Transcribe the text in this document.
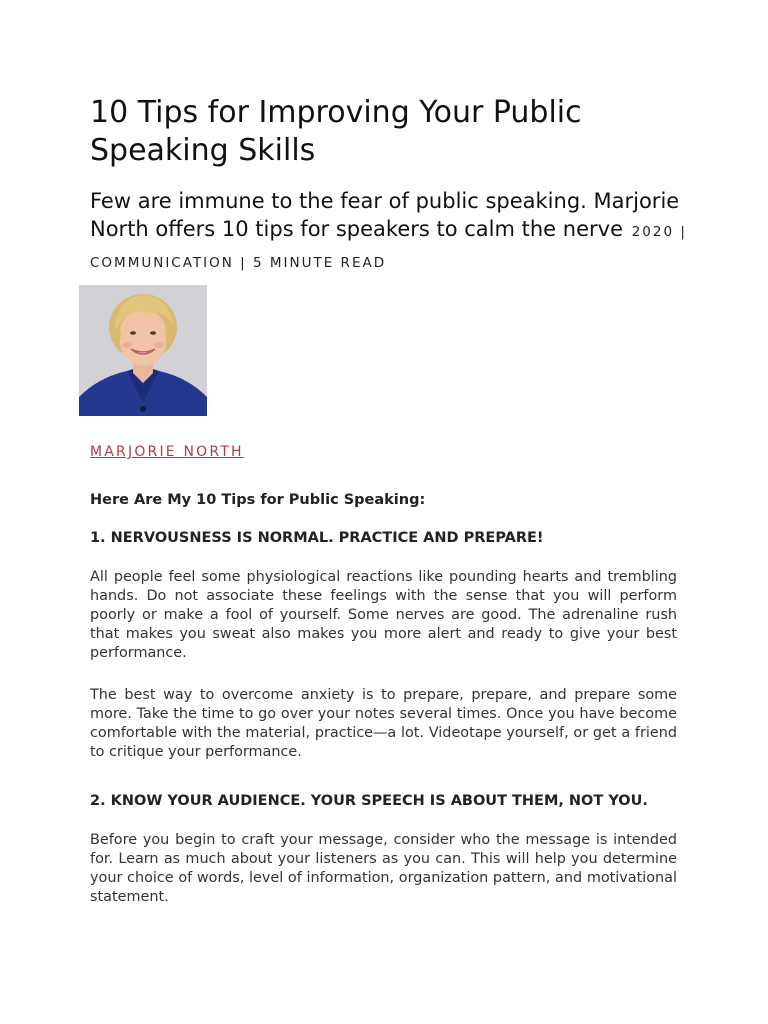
10 Tips for Improving Your Public Speaking Skills

Few are immune to the fear of public speaking. Marjorie North offers 10 tips for speakers to calm the nerve 2020 | COMMUNICATION | 5 MINUTE READ

MARJORIE NORTH
Here Are My 10 Tips for Public Speaking:
1. NERVOUSNESS IS NORMAL. PRACTICE AND PREPARE!

All people feel some physiological reactions like pounding hearts and trembling hands. Do not associate these feelings with the sense that you will perform poorly or make a fool of yourself. Some nerves are good. The adrenaline rush that makes you sweat also makes you more alert and ready to give your best performance.

The best way to overcome anxiety is to prepare, prepare, and prepare some more. Take the time to go over your notes several times. Once you have become comfortable with the material, practice—a lot. Videotape yourself, or get a friend to critique your performance.

2. KNOW YOUR AUDIENCE. YOUR SPEECH IS ABOUT THEM, NOT YOU.

Before you begin to craft your message, consider who the message is intended for. Learn as much about your listeners as you can. This will help you determine your choice of words, level of information, organization pattern, and motivational statement.
